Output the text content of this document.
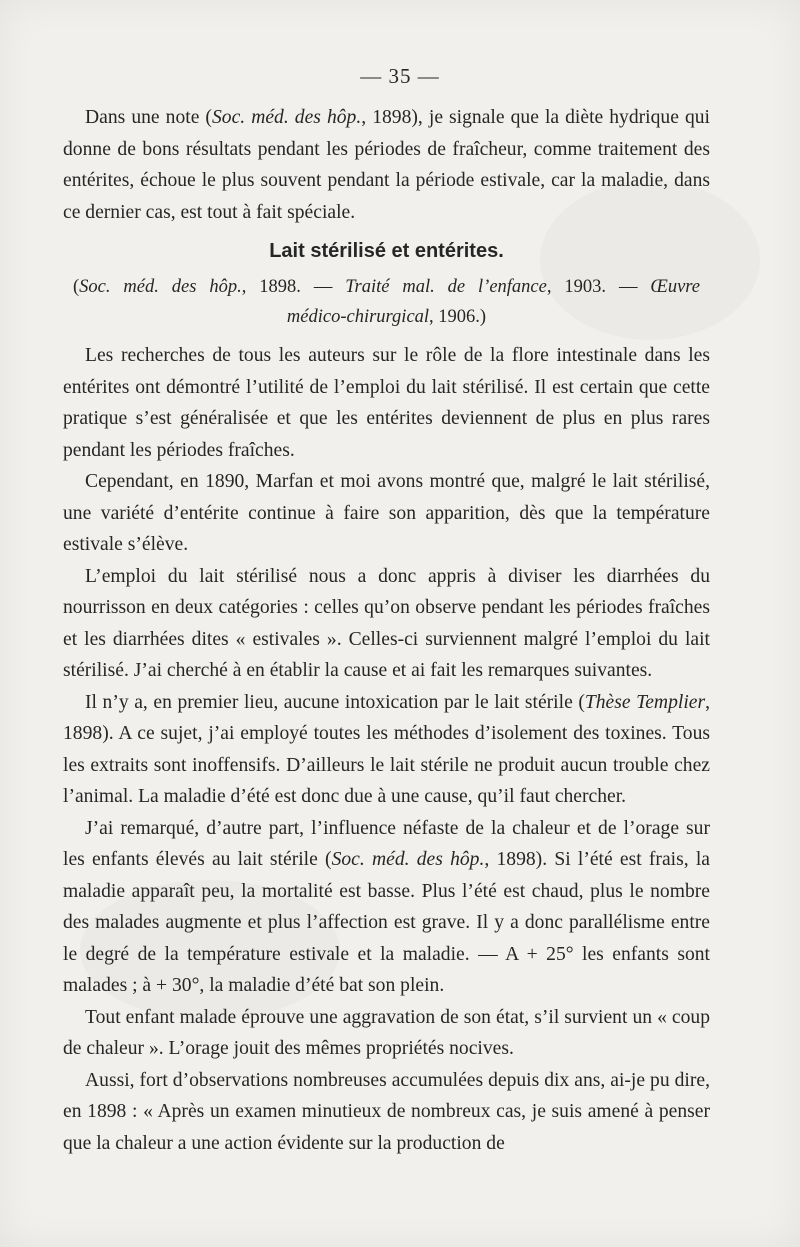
— 35 —

Dans une note (Soc. méd. des hôp., 1898), je signale que la diète hydrique qui donne de bons résultats pendant les périodes de fraîcheur, comme traitement des entérites, échoue le plus souvent pendant la période estivale, car la maladie, dans ce dernier cas, est tout à fait spéciale.

Lait stérilisé et entérites.
(Soc. méd. des hôp., 1898. — Traité mal. de l’enfance, 1903. — Œuvre
médico-chirurgical, 1906.)

Les recherches de tous les auteurs sur le rôle de la flore intestinale dans les entérites ont démontré l’utilité de l’emploi du lait stérilisé. Il est certain que cette pratique s’est généralisée et que les entérites deviennent de plus en plus rares pendant les périodes fraîches.

Cependant, en 1890, Marfan et moi avons montré que, malgré le lait stérilisé, une variété d’entérite continue à faire son apparition, dès que la température estivale s’élève.

L’emploi du lait stérilisé nous a donc appris à diviser les diarrhées du nourrisson en deux catégories : celles qu’on observe pendant les périodes fraîches et les diarrhées dites « estivales ». Celles-ci surviennent malgré l’emploi du lait stérilisé. J’ai cherché à en établir la cause et ai fait les remarques suivantes.

Il n’y a, en premier lieu, aucune intoxication par le lait stérile (Thèse Templier, 1898). A ce sujet, j’ai employé toutes les méthodes d’isolement des toxines. Tous les extraits sont inoffensifs. D’ailleurs le lait stérile ne produit aucun trouble chez l’animal. La maladie d’été est donc due à une cause, qu’il faut chercher.

J’ai remarqué, d’autre part, l’influence néfaste de la chaleur et de l’orage sur les enfants élevés au lait stérile (Soc. méd. des hôp., 1898). Si l’été est frais, la maladie apparaît peu, la mortalité est basse. Plus l’été est chaud, plus le nombre des malades augmente et plus l’affection est grave. Il y a donc parallélisme entre le degré de la température estivale et la maladie. — A + 25° les enfants sont malades ; à + 30°, la maladie d’été bat son plein.

Tout enfant malade éprouve une aggravation de son état, s’il survient un « coup de chaleur ». L’orage jouit des mêmes propriétés nocives.

Aussi, fort d’observations nombreuses accumulées depuis dix ans, ai-je pu dire, en 1898 : « Après un examen minutieux de nombreux cas, je suis amené à penser que la chaleur a une action évidente sur la production de
